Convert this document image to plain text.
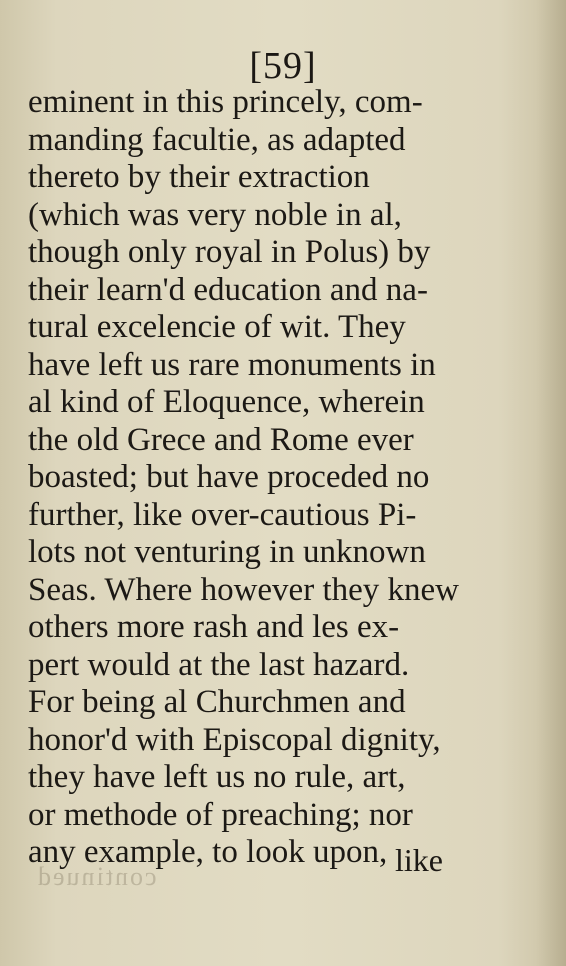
[59]
eminent in this princely, com-
manding facultie, as adapted
thereto by their extraction
(which was very noble in al,
though only royal in Polus) by
their learn'd education and na-
tural excelencie of wit. They
have left us rare monuments in
al kind of Eloquence, wherein
the old Grece and Rome ever
boasted; but have proceded no
further, like over-cautious Pi-
lots not venturing in unknown
Seas. Where however they knew
others more rash and les ex-
pert would at the last hazard.
For being al Churchmen and
honor'd with Episcopal dignity,
they have left us no rule, art,
or methode of preaching; nor
any example, to look upon,
continued	like
